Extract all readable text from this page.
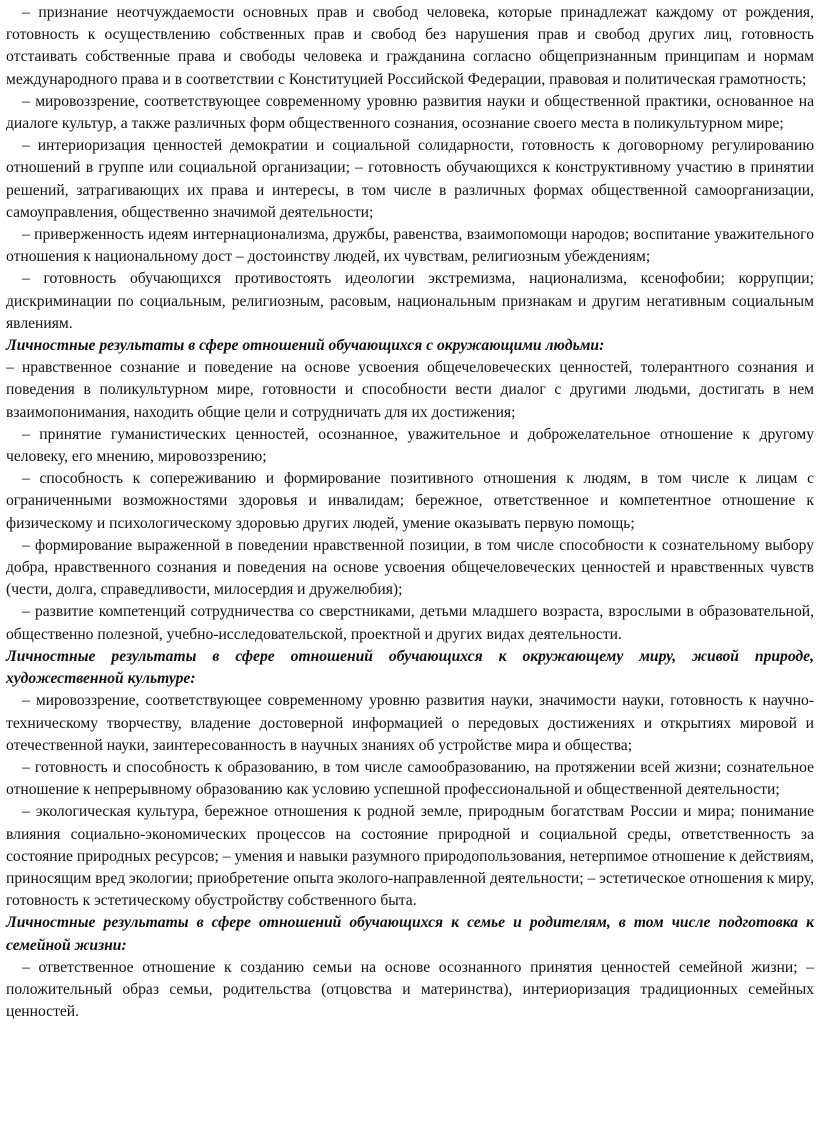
– признание неотчуждаемости основных прав и свобод человека, которые принадлежат каждому от рождения, готовность к осуществлению собственных прав и свобод без нарушения прав и свобод других лиц, готовность отстаивать собственные права и свободы человека и гражданина согласно общепризнанным принципам и нормам международного права и в соответствии с Конституцией Российской Федерации, правовая и политическая грамотность;

– мировоззрение, соответствующее современному уровню развития науки и общественной практики, основанное на диалоге культур, а также различных форм общественного сознания, осознание своего места в поликультурном мире;

– интериоризация ценностей демократии и социальной солидарности, готовность к договорному регулированию отношений в группе или социальной организации; – готовность обучающихся к конструктивному участию в принятии решений, затрагивающих их права и интересы, в том числе в различных формах общественной самоорганизации, самоуправления, общественно значимой деятельности;

– приверженность идеям интернационализма, дружбы, равенства, взаимопомощи народов; воспитание уважительного отношения к национальному дост – достоинству людей, их чувствам, религиозным убеждениям;

– готовность обучающихся противостоять идеологии экстремизма, национализма, ксенофобии; коррупции; дискриминации по социальным, религиозным, расовым, национальным признакам и другим негативным социальным явлениям.

Личностные результаты в сфере отношений обучающихся с окружающими людьми:

– нравственное сознание и поведение на основе усвоения общечеловеческих ценностей, толерантного сознания и поведения в поликультурном мире, готовности и способности вести диалог с другими людьми, достигать в нем взаимопонимания, находить общие цели и сотрудничать для их достижения;

– принятие гуманистических ценностей, осознанное, уважительное и доброжелательное отношение к другому человеку, его мнению, мировоззрению;

– способность к сопереживанию и формирование позитивного отношения к людям, в том числе к лицам с ограниченными возможностями здоровья и инвалидам; бережное, ответственное и компетентное отношение к физическому и психологическому здоровью других людей, умение оказывать первую помощь;

– формирование выраженной в поведении нравственной позиции, в том числе способности к сознательному выбору добра, нравственного сознания и поведения на основе усвоения общечеловеческих ценностей и нравственных чувств (чести, долга, справедливости, милосердия и дружелюбия);

– развитие компетенций сотрудничества со сверстниками, детьми младшего возраста, взрослыми в образовательной, общественно полезной, учебно-исследовательской, проектной и других видах деятельности.

Личностные результаты в сфере отношений обучающихся к окружающему миру, живой природе, художественной культуре:

– мировоззрение, соответствующее современному уровню развития науки, значимости науки, готовность к научно-техническому творчеству, владение достоверной информацией о передовых достижениях и открытиях мировой и отечественной науки, заинтересованность в научных знаниях об устройстве мира и общества;

– готовность и способность к образованию, в том числе самообразованию, на протяжении всей жизни; сознательное отношение к непрерывному образованию как условию успешной профессиональной и общественной деятельности;

– экологическая культура, бережное отношения к родной земле, природным богатствам России и мира; понимание влияния социально-экономических процессов на состояние природной и социальной среды, ответственность за состояние природных ресурсов; – умения и навыки разумного природопользования, нетерпимое отношение к действиям, приносящим вред экологии; приобретение опыта эколого-направленной деятельности; – эстетическое отношения к миру, готовность к эстетическому обустройству собственного быта.

Личностные результаты в сфере отношений обучающихся к семье и родителям, в том числе подготовка к семейной жизни:

– ответственное отношение к созданию семьи на основе осознанного принятия ценностей семейной жизни; – положительный образ семьи, родительства (отцовства и материнства), интериоризация традиционных семейных ценностей.
